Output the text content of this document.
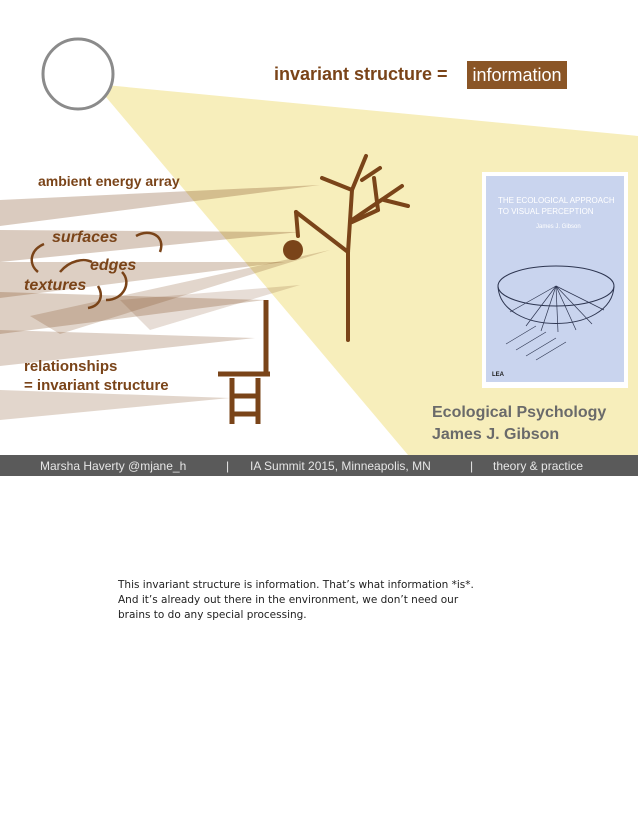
invariant structure =	information
ambient energy array
surfaces
edges
textures
relationships
= invariant structure
THE ECOLOGICAL APPROACH
TO VISUAL PERCEPTION
James J. Gibson
LEA
Ecological Psychology
James J. Gibson
Marsha Haverty @mjane_h	| IA Summit 2015, Minneapolis, MN	| theory & practice
This invariant structure is information. That’s what information *is*.
And it’s already out there in the environment, we don’t need our
brains to do any special processing.
